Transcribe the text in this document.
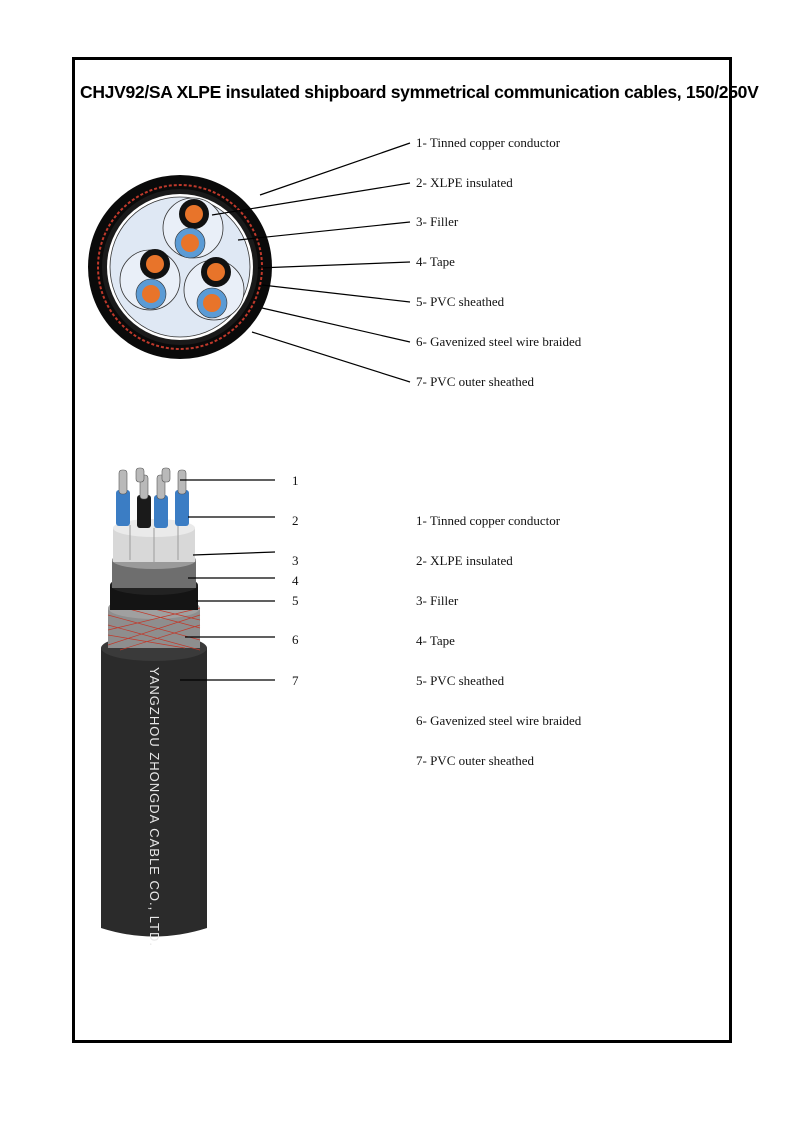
CHJV92/SA XLPE insulated shipboard symmetrical communication cables, 150/250V
YANGZHOU ZHONGDA CABLE CO., LTD.
1- Tinned copper conductor
2- XLPE insulated
3- Filler
4- Tape
5- PVC sheathed
6- Gavenized steel wire braided
7- PVC outer sheathed
1
2
3
4
5
6
7
1- Tinned copper conductor
2- XLPE insulated
3- Filler
4- Tape
5- PVC sheathed
6- Gavenized steel wire braided
7- PVC outer sheathed
